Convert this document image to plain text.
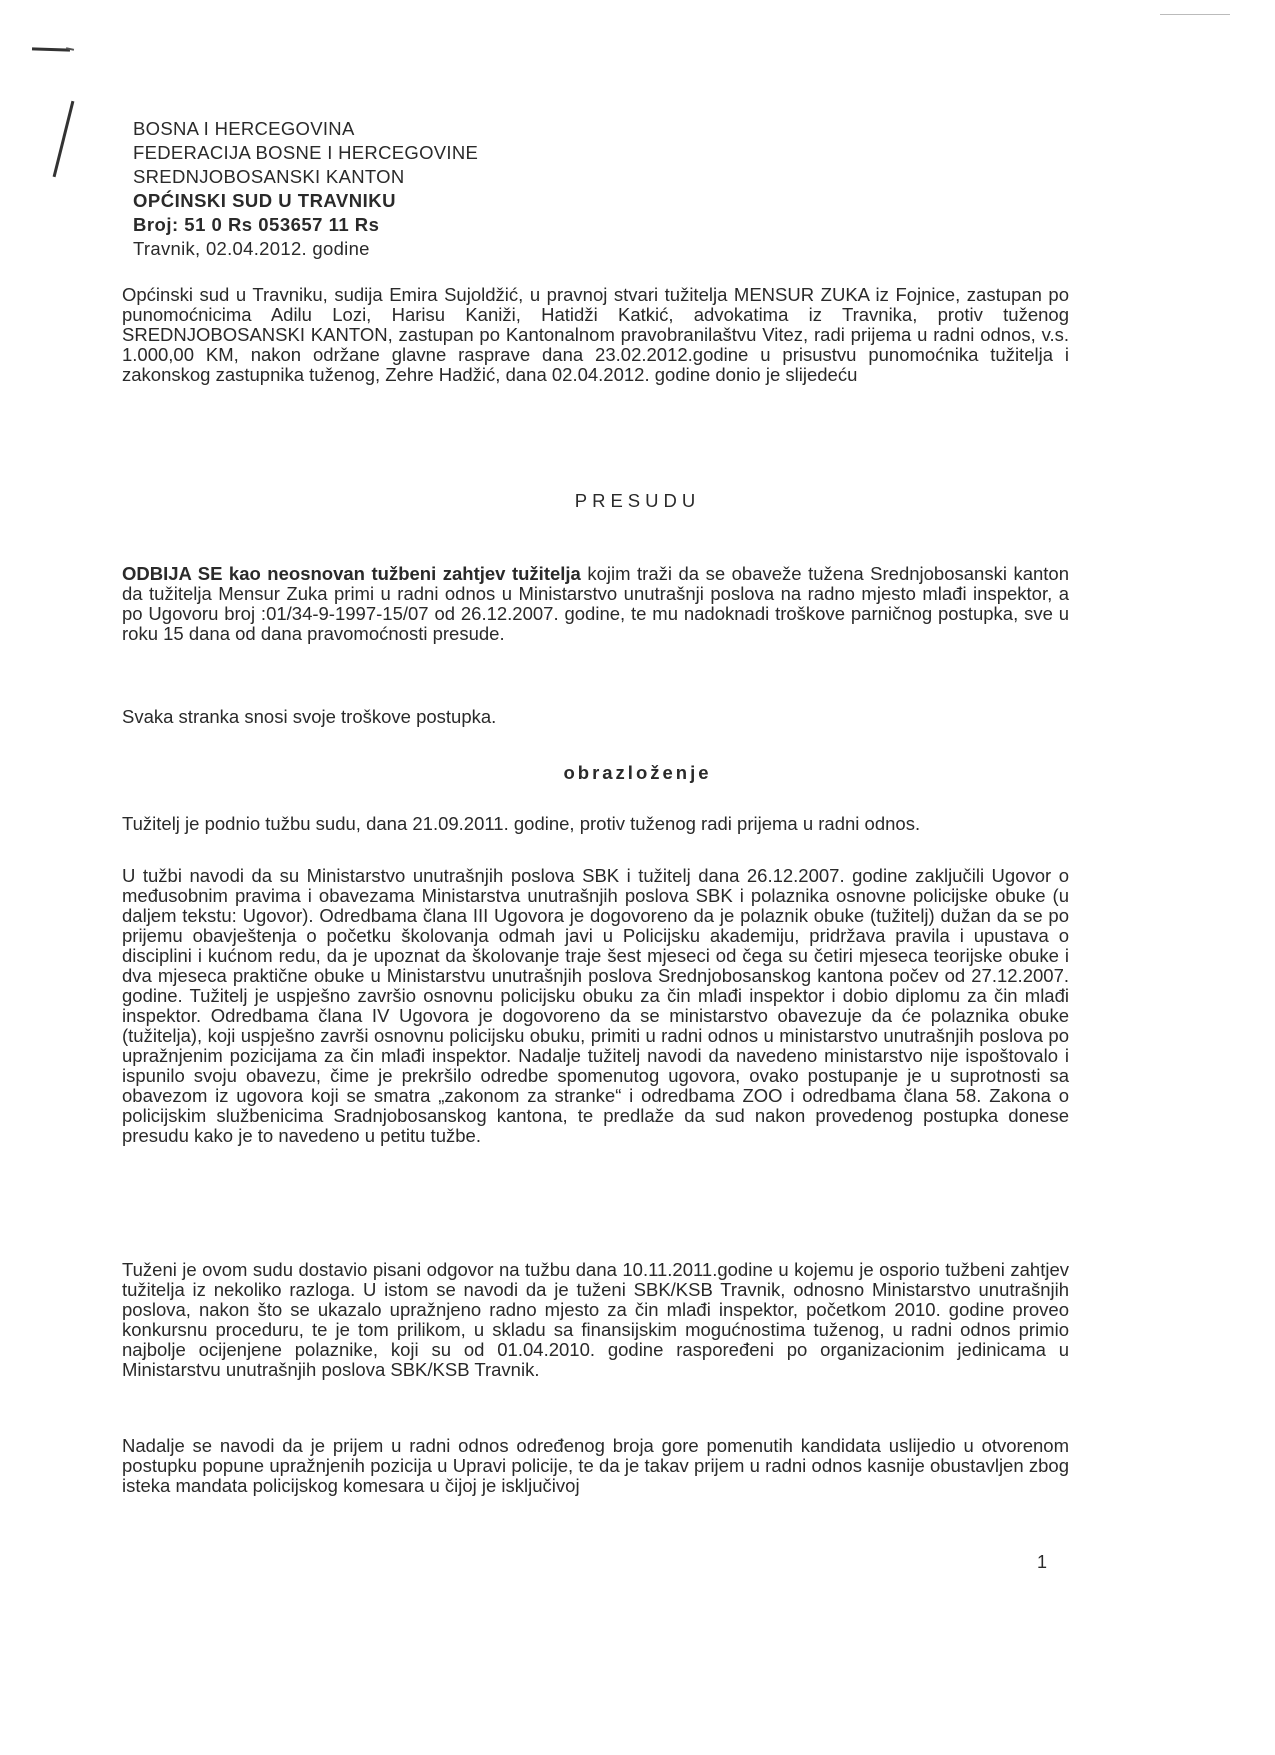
BOSNA I HERCEGOVINA
FEDERACIJA BOSNE I HERCEGOVINE
SREDNJOBOSANSKI KANTON
OPĆINSKI SUD U TRAVNIKU
Broj: 51 0 Rs 053657 11 Rs
Travnik, 02.04.2012. godine

Općinski sud u Travniku, sudija Emira Sujoldžić, u pravnoj stvari tužitelja MENSUR ZUKA iz Fojnice, zastupan po punomoćnicima Adilu Lozi, Harisu Kaniži, Hatidži Katkić, advokatima iz Travnika, protiv tuženog SREDNJOBOSANSKI KANTON, zastupan po Kantonalnom pravobranilaštvu Vitez, radi prijema u radni odnos, v.s. 1.000,00 KM, nakon održane glavne rasprave dana 23.02.2012.godine u prisustvu punomoćnika tužitelja i zakonskog zastupnika tuženog, Zehre Hadžić, dana 02.04.2012. godine donio je slijedeću

PRESUDU

ODBIJA SE kao neosnovan tužbeni zahtjev tužitelja kojim traži da se obaveže tužena Srednjobosanski kanton da tužitelja Mensur Zuka primi u radni odnos u Ministarstvo unutrašnji poslova na radno mjesto mlađi inspektor, a po Ugovoru broj :01/34-9-1997-15/07 od 26.12.2007. godine, te mu nadoknadi troškove parničnog postupka, sve u roku 15 dana od dana pravomoćnosti presude.

Svaka stranka snosi svoje troškove postupka.

obrazloženje

Tužitelj je podnio tužbu sudu, dana 21.09.2011. godine, protiv tuženog radi prijema u radni odnos.

U tužbi navodi da su Ministarstvo unutrašnjih poslova SBK i tužitelj dana 26.12.2007. godine zaključili Ugovor o međusobnim pravima i obavezama Ministarstva unutrašnjih poslova SBK i polaznika osnovne policijske obuke (u daljem tekstu: Ugovor). Odredbama člana III Ugovora je dogovoreno da je polaznik obuke (tužitelj) dužan da se po prijemu obavještenja o početku školovanja odmah javi u Policijsku akademiju, pridržava pravila i upustava o disciplini i kućnom redu, da je upoznat da školovanje traje šest mjeseci od čega su četiri mjeseca teorijske obuke i dva mjeseca praktične obuke u Ministarstvu unutrašnjih poslova Srednjobosanskog kantona počev od 27.12.2007. godine. Tužitelj je uspješno završio osnovnu policijsku obuku za čin mlađi inspektor i dobio diplomu za čin mlađi inspektor. Odredbama člana IV Ugovora je dogovoreno da se ministarstvo obavezuje da će polaznika obuke (tužitelja), koji uspješno završi osnovnu policijsku obuku, primiti u radni odnos u ministarstvo unutrašnjih poslova po upražnjenim pozicijama za čin mlađi inspektor. Nadalje tužitelj navodi da navedeno ministarstvo nije ispoštovalo i ispunilo svoju obavezu, čime je prekršilo odredbe spomenutog ugovora, ovako postupanje je u suprotnosti sa obavezom iz ugovora koji se smatra „zakonom za stranke“ i odredbama ZOO i odredbama člana 58. Zakona o policijskim službenicima Sradnjobosanskog kantona, te predlaže da sud nakon provedenog postupka donese presudu kako je to navedeno u petitu tužbe.

Tuženi je ovom sudu dostavio pisani odgovor na tužbu dana 10.11.2011.godine u kojemu je osporio tužbeni zahtjev tužitelja iz nekoliko razloga. U istom se navodi da je tuženi SBK/KSB Travnik, odnosno Ministarstvo unutrašnjih poslova, nakon što se ukazalo upražnjeno radno mjesto za čin mlađi inspektor, početkom 2010. godine proveo konkursnu proceduru, te je tom prilikom, u skladu sa finansijskim mogućnostima tuženog, u radni odnos primio najbolje ocijenjene polaznike, koji su od 01.04.2010. godine raspoređeni po organizacionim jedinicama u Ministarstvu unutrašnjih poslova SBK/KSB Travnik.

Nadalje se navodi da je prijem u radni odnos određenog broja gore pomenutih kandidata uslijedio u otvorenom postupku popune upražnjenih pozicija u Upravi policije, te da je takav prijem u radni odnos kasnije obustavljen zbog isteka mandata policijskog komesara u čijoj je isključivoj

1
